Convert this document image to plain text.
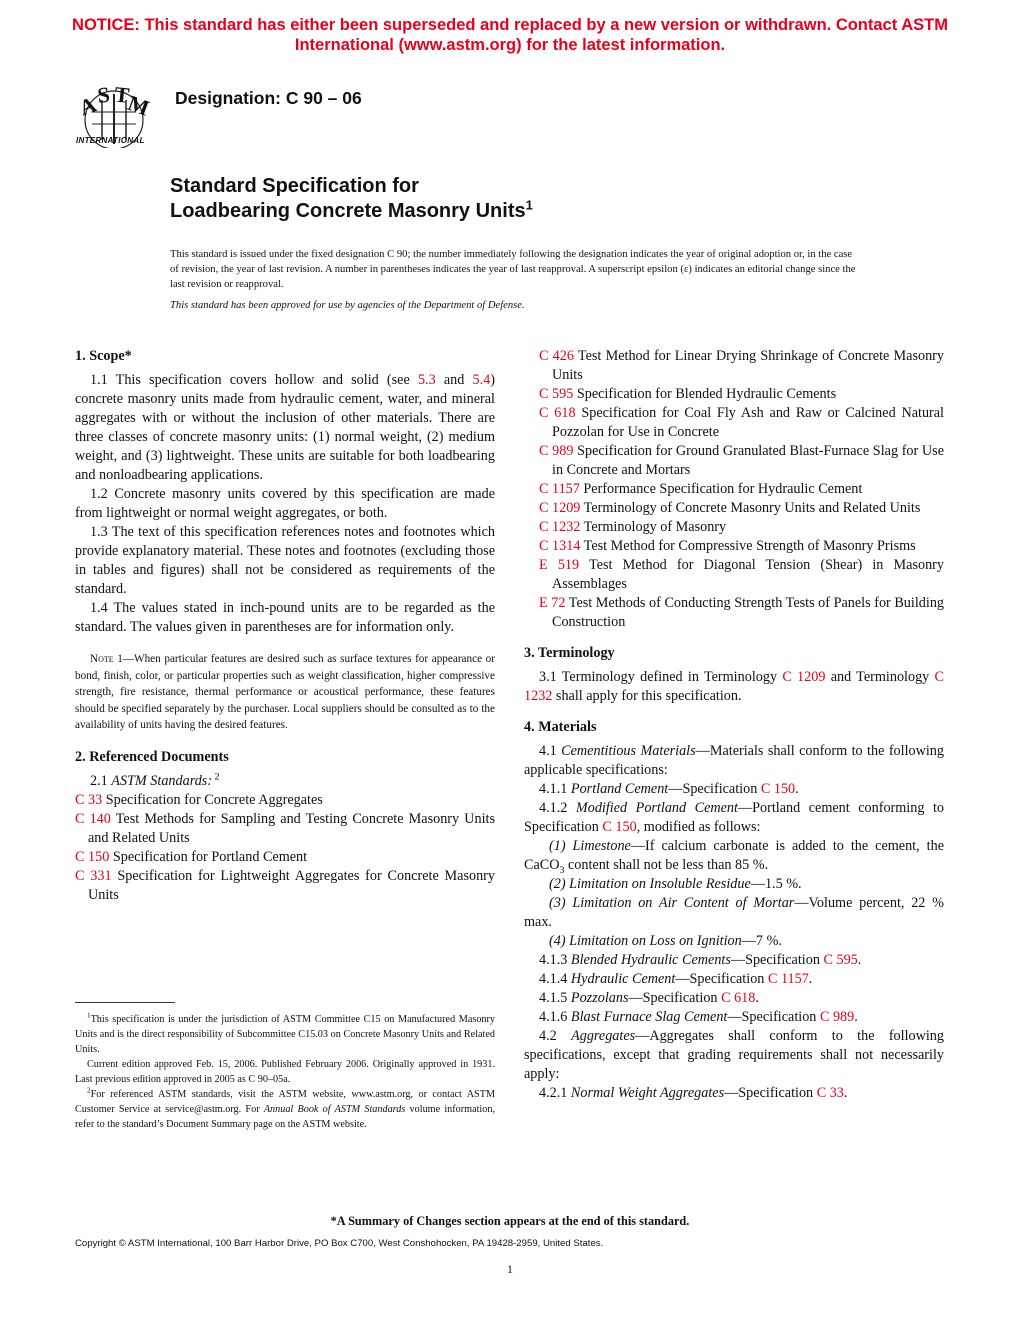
NOTICE: This standard has either been superseded and replaced by a new version or withdrawn. Contact ASTM
International (www.astm.org) for the latest information.
A
S T
M
INTERNATIONAL
Designation: C 90 – 06
Standard Specification for
Loadbearing Concrete Masonry Units$^1$
This standard is issued under the fixed designation C 90; the number immediately following the designation indicates the year of original adoption or, in the case of revision, the year of last revision. A number in parentheses indicates the year of last reapproval. A superscript epsilon (ε) indicates an editorial change since the last revision or reapproval.
This standard has been approved for use by agencies of the Department of Defense.

1. Scope*

1.1 This specification covers hollow and solid (see 5.3 and 5.4) concrete masonry units made from hydraulic cement, water, and mineral aggregates with or without the inclusion of other materials. There are three classes of concrete masonry units: (1) normal weight, (2) medium weight, and (3) lightweight. These units are suitable for both loadbearing and nonloadbearing applications.

1.2 Concrete masonry units covered by this specification are made from lightweight or normal weight aggregates, or both.

1.3 The text of this specification references notes and footnotes which provide explanatory material. These notes and footnotes (excluding those in tables and figures) shall not be considered as requirements of the standard.

1.4 The values stated in inch-pound units are to be regarded as the standard. The values given in parentheses are for information only.

Note 1—When particular features are desired such as surface textures for appearance or bond, finish, color, or particular properties such as weight classification, higher compressive strength, fire resistance, thermal performance or acoustical performance, these features should be specified separately by the purchaser. Local suppliers should be consulted as to the availability of units having the desired features.

2. Referenced Documents

2.1 ASTM Standards: $^2$

C 33 Specification for Concrete Aggregates

C 140 Test Methods for Sampling and Testing Concrete Masonry Units and Related Units

C 150 Specification for Portland Cement

C 331 Specification for Lightweight Aggregates for Concrete Masonry Units

$^1$This specification is under the jurisdiction of ASTM Committee C15 on Manufactured Masonry Units and is the direct responsibility of Subcommittee C15.03 on Concrete Masonry Units and Related Units.

Current edition approved Feb. 15, 2006. Published February 2006. Originally approved in 1931. Last previous edition approved in 2005 as C 90–05a.

$^2$For referenced ASTM standards, visit the ASTM website, www.astm.org, or contact ASTM Customer Service at service@astm.org. For Annual Book of ASTM Standards volume information, refer to the standard’s Document Summary page on the ASTM website.

C 426 Test Method for Linear Drying Shrinkage of Concrete Masonry Units

C 595 Specification for Blended Hydraulic Cements

C 618 Specification for Coal Fly Ash and Raw or Calcined Natural Pozzolan for Use in Concrete

C 989 Specification for Ground Granulated Blast-Furnace Slag for Use in Concrete and Mortars

C 1157 Performance Specification for Hydraulic Cement

C 1209 Terminology of Concrete Masonry Units and Related Units

C 1232 Terminology of Masonry

C 1314 Test Method for Compressive Strength of Masonry Prisms

E 519 Test Method for Diagonal Tension (Shear) in Masonry Assemblages

E 72 Test Methods of Conducting Strength Tests of Panels for Building Construction

3. Terminology

3.1 Terminology defined in Terminology C 1209 and Terminology C 1232 shall apply for this specification.

4. Materials

4.1 Cementitious Materials—Materials shall conform to the following applicable specifications:

4.1.1 Portland Cement—Specification C 150.

4.1.2 Modified Portland Cement—Portland cement conforming to Specification C 150, modified as follows:

(1) Limestone—If calcium carbonate is added to the cement, the CaCO$_3$ content shall not be less than 85 %.

(2) Limitation on Insoluble Residue—1.5 %.

(3) Limitation on Air Content of Mortar—Volume percent, 22 % max.

(4) Limitation on Loss on Ignition—7 %.

4.1.3 Blended Hydraulic Cements—Specification C 595.

4.1.4 Hydraulic Cement—Specification C 1157.

4.1.5 Pozzolans—Specification C 618.

4.1.6 Blast Furnace Slag Cement—Specification C 989.

4.2 Aggregates—Aggregates shall conform to the following specifications, except that grading requirements shall not necessarily apply:

4.2.1 Normal Weight Aggregates—Specification C 33.

*A Summary of Changes section appears at the end of this standard.
Copyright © ASTM International, 100 Barr Harbor Drive, PO Box C700, West Conshohocken, PA 19428-2959, United States.
1
